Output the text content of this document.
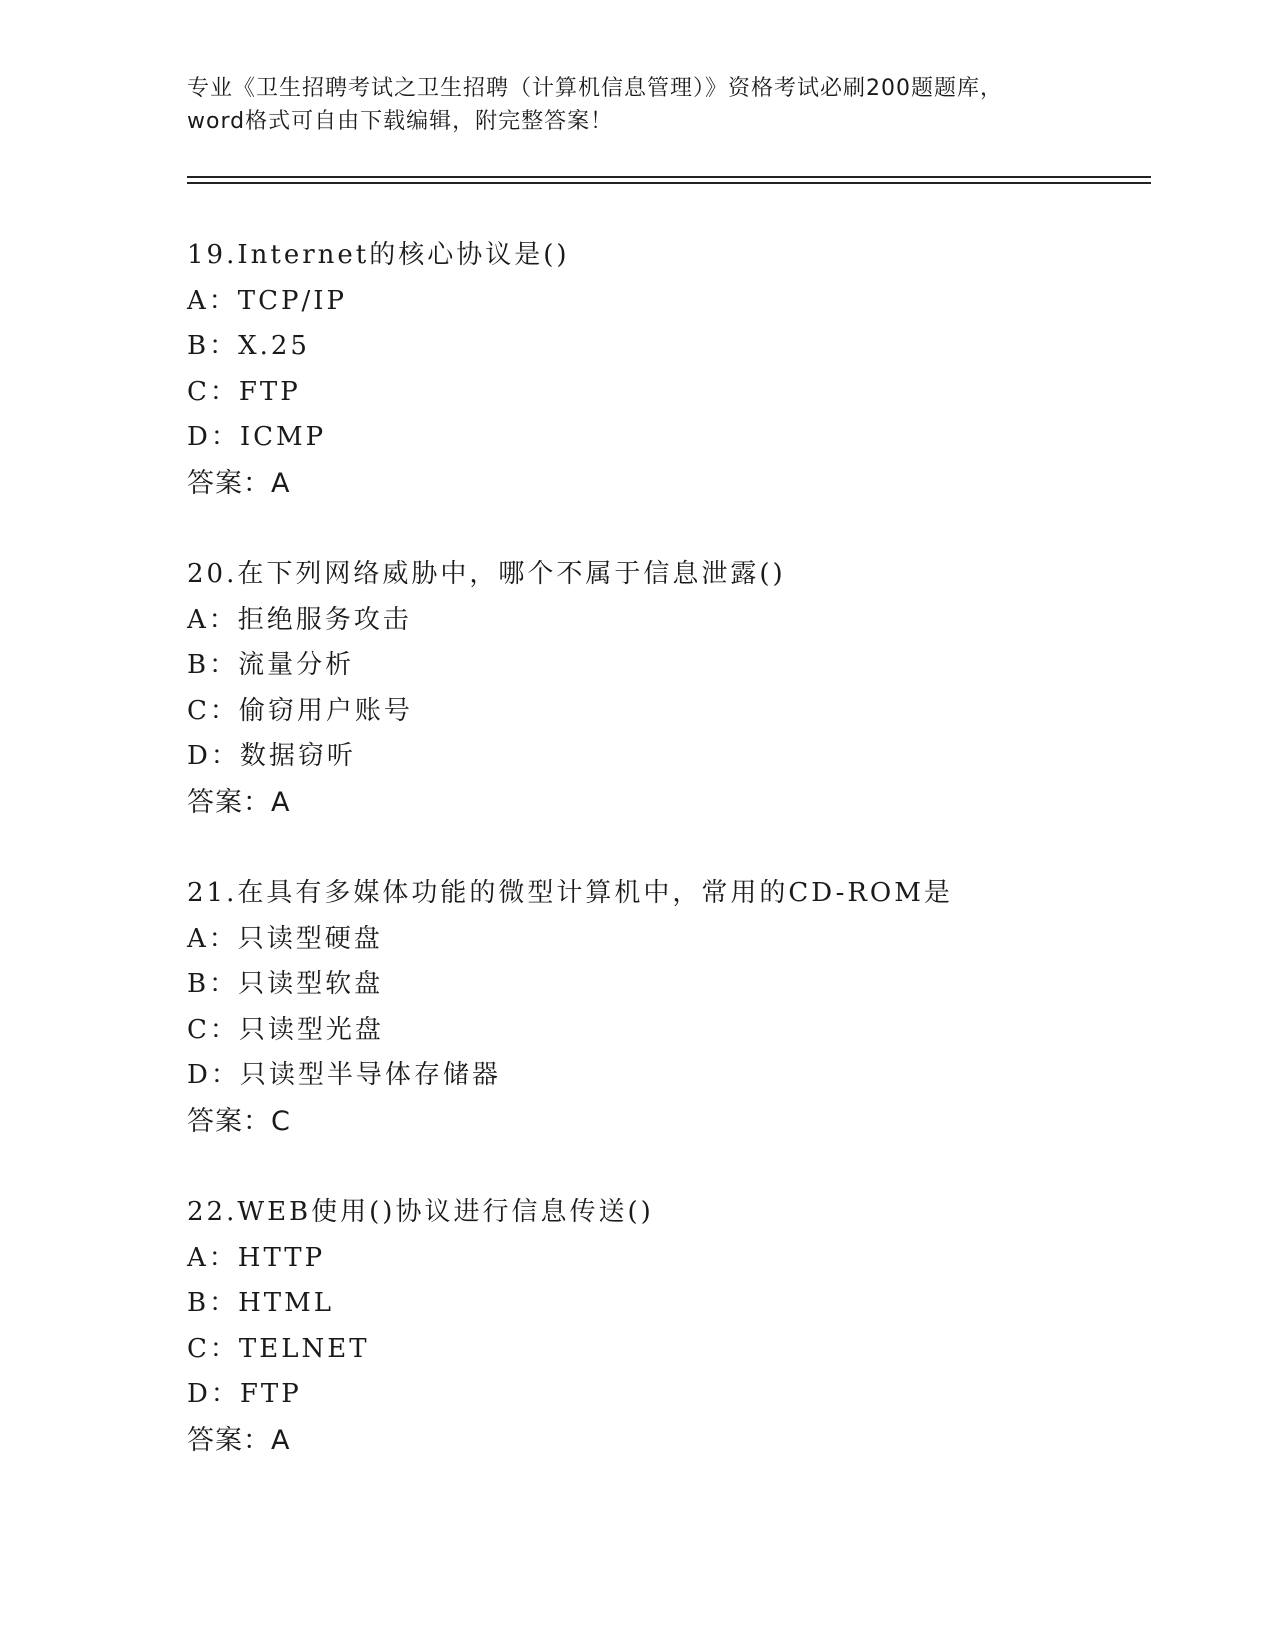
专业《卫生招聘考试之卫生招聘（计算机信息管理）》资格考试必刷200题题库，
word格式可自由下载编辑，附完整答案！
19.Internet的核心协议是()
A：TCP/IP
B：X.25
C：FTP
D：ICMP
答案：A
20.在下列网络威胁中，哪个不属于信息泄露()
A：拒绝服务攻击
B：流量分析
C：偷窃用户账号
D：数据窃听
答案：A
21.在具有多媒体功能的微型计算机中，常用的CD-ROM是
A：只读型硬盘
B：只读型软盘
C：只读型光盘
D：只读型半导体存储器
答案：C
22.WEB使用()协议进行信息传送()
A：HTTP
B：HTML
C：TELNET
D：FTP
答案：A
